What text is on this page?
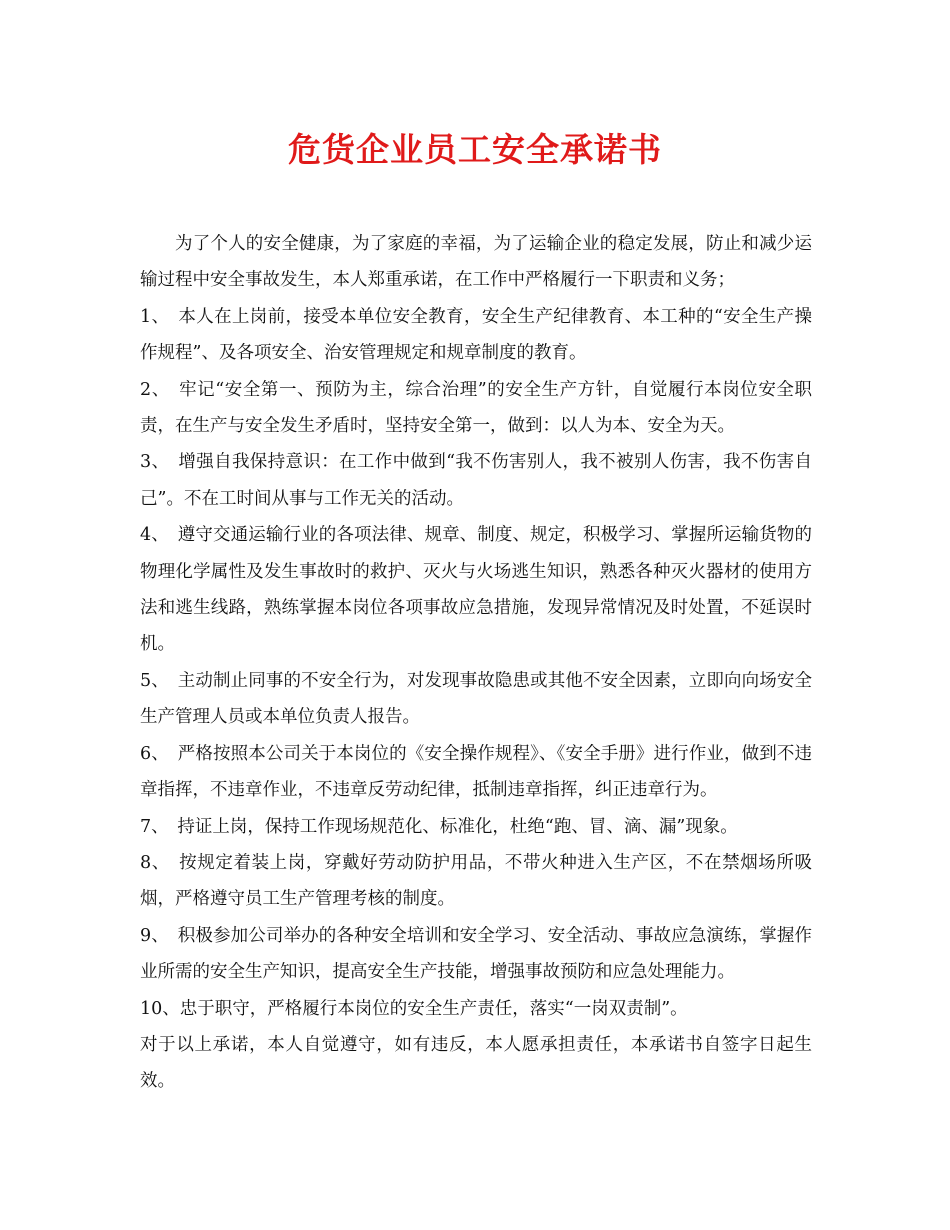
危货企业员工安全承诺书

为了个人的安全健康，为了家庭的幸福，为了运输企业的稳定发展，防止和减少运输过程中安全事故发生，本人郑重承诺，在工作中严格履行一下职责和义务；

1、　本人在上岗前，接受本单位安全教育，安全生产纪律教育、本工种的“安全生产操作规程”、及各项安全、治安管理规定和规章制度的教育。

2、　牢记“安全第一、预防为主，综合治理”的安全生产方针，自觉履行本岗位安全职责，在生产与安全发生矛盾时，坚持安全第一，做到：以人为本、安全为天。

3、　增强自我保持意识：在工作中做到“我不伤害别人，我不被别人伤害，我不伤害自己”。不在工时间从事与工作无关的活动。

4、　遵守交通运输行业的各项法律、规章、制度、规定，积极学习、掌握所运输货物的物理化学属性及发生事故时的救护、灭火与火场逃生知识，熟悉各种灭火器材的使用方法和逃生线路，熟练掌握本岗位各项事故应急措施，发现异常情况及时处置，不延误时机。

5、　主动制止同事的不安全行为，对发现事故隐患或其他不安全因素，立即向向场安全生产管理人员或本单位负责人报告。

6、　严格按照本公司关于本岗位的《安全操作规程》、《安全手册》进行作业，做到不违章指挥，不违章作业，不违章反劳动纪律，抵制违章指挥，纠正违章行为。

7、　持证上岗，保持工作现场规范化、标准化，杜绝“跑、冒、滴、漏”现象。

8、　按规定着装上岗，穿戴好劳动防护用品，不带火种进入生产区，不在禁烟场所吸烟，严格遵守员工生产管理考核的制度。

9、　积极参加公司举办的各种安全培训和安全学习、安全活动、事故应急演练，掌握作业所需的安全生产知识，提高安全生产技能，增强事故预防和应急处理能力。

10、忠于职守，严格履行本岗位的安全生产责任，落实“一岗双责制”。

对于以上承诺，本人自觉遵守，如有违反，本人愿承担责任，本承诺书自签字日起生效。
